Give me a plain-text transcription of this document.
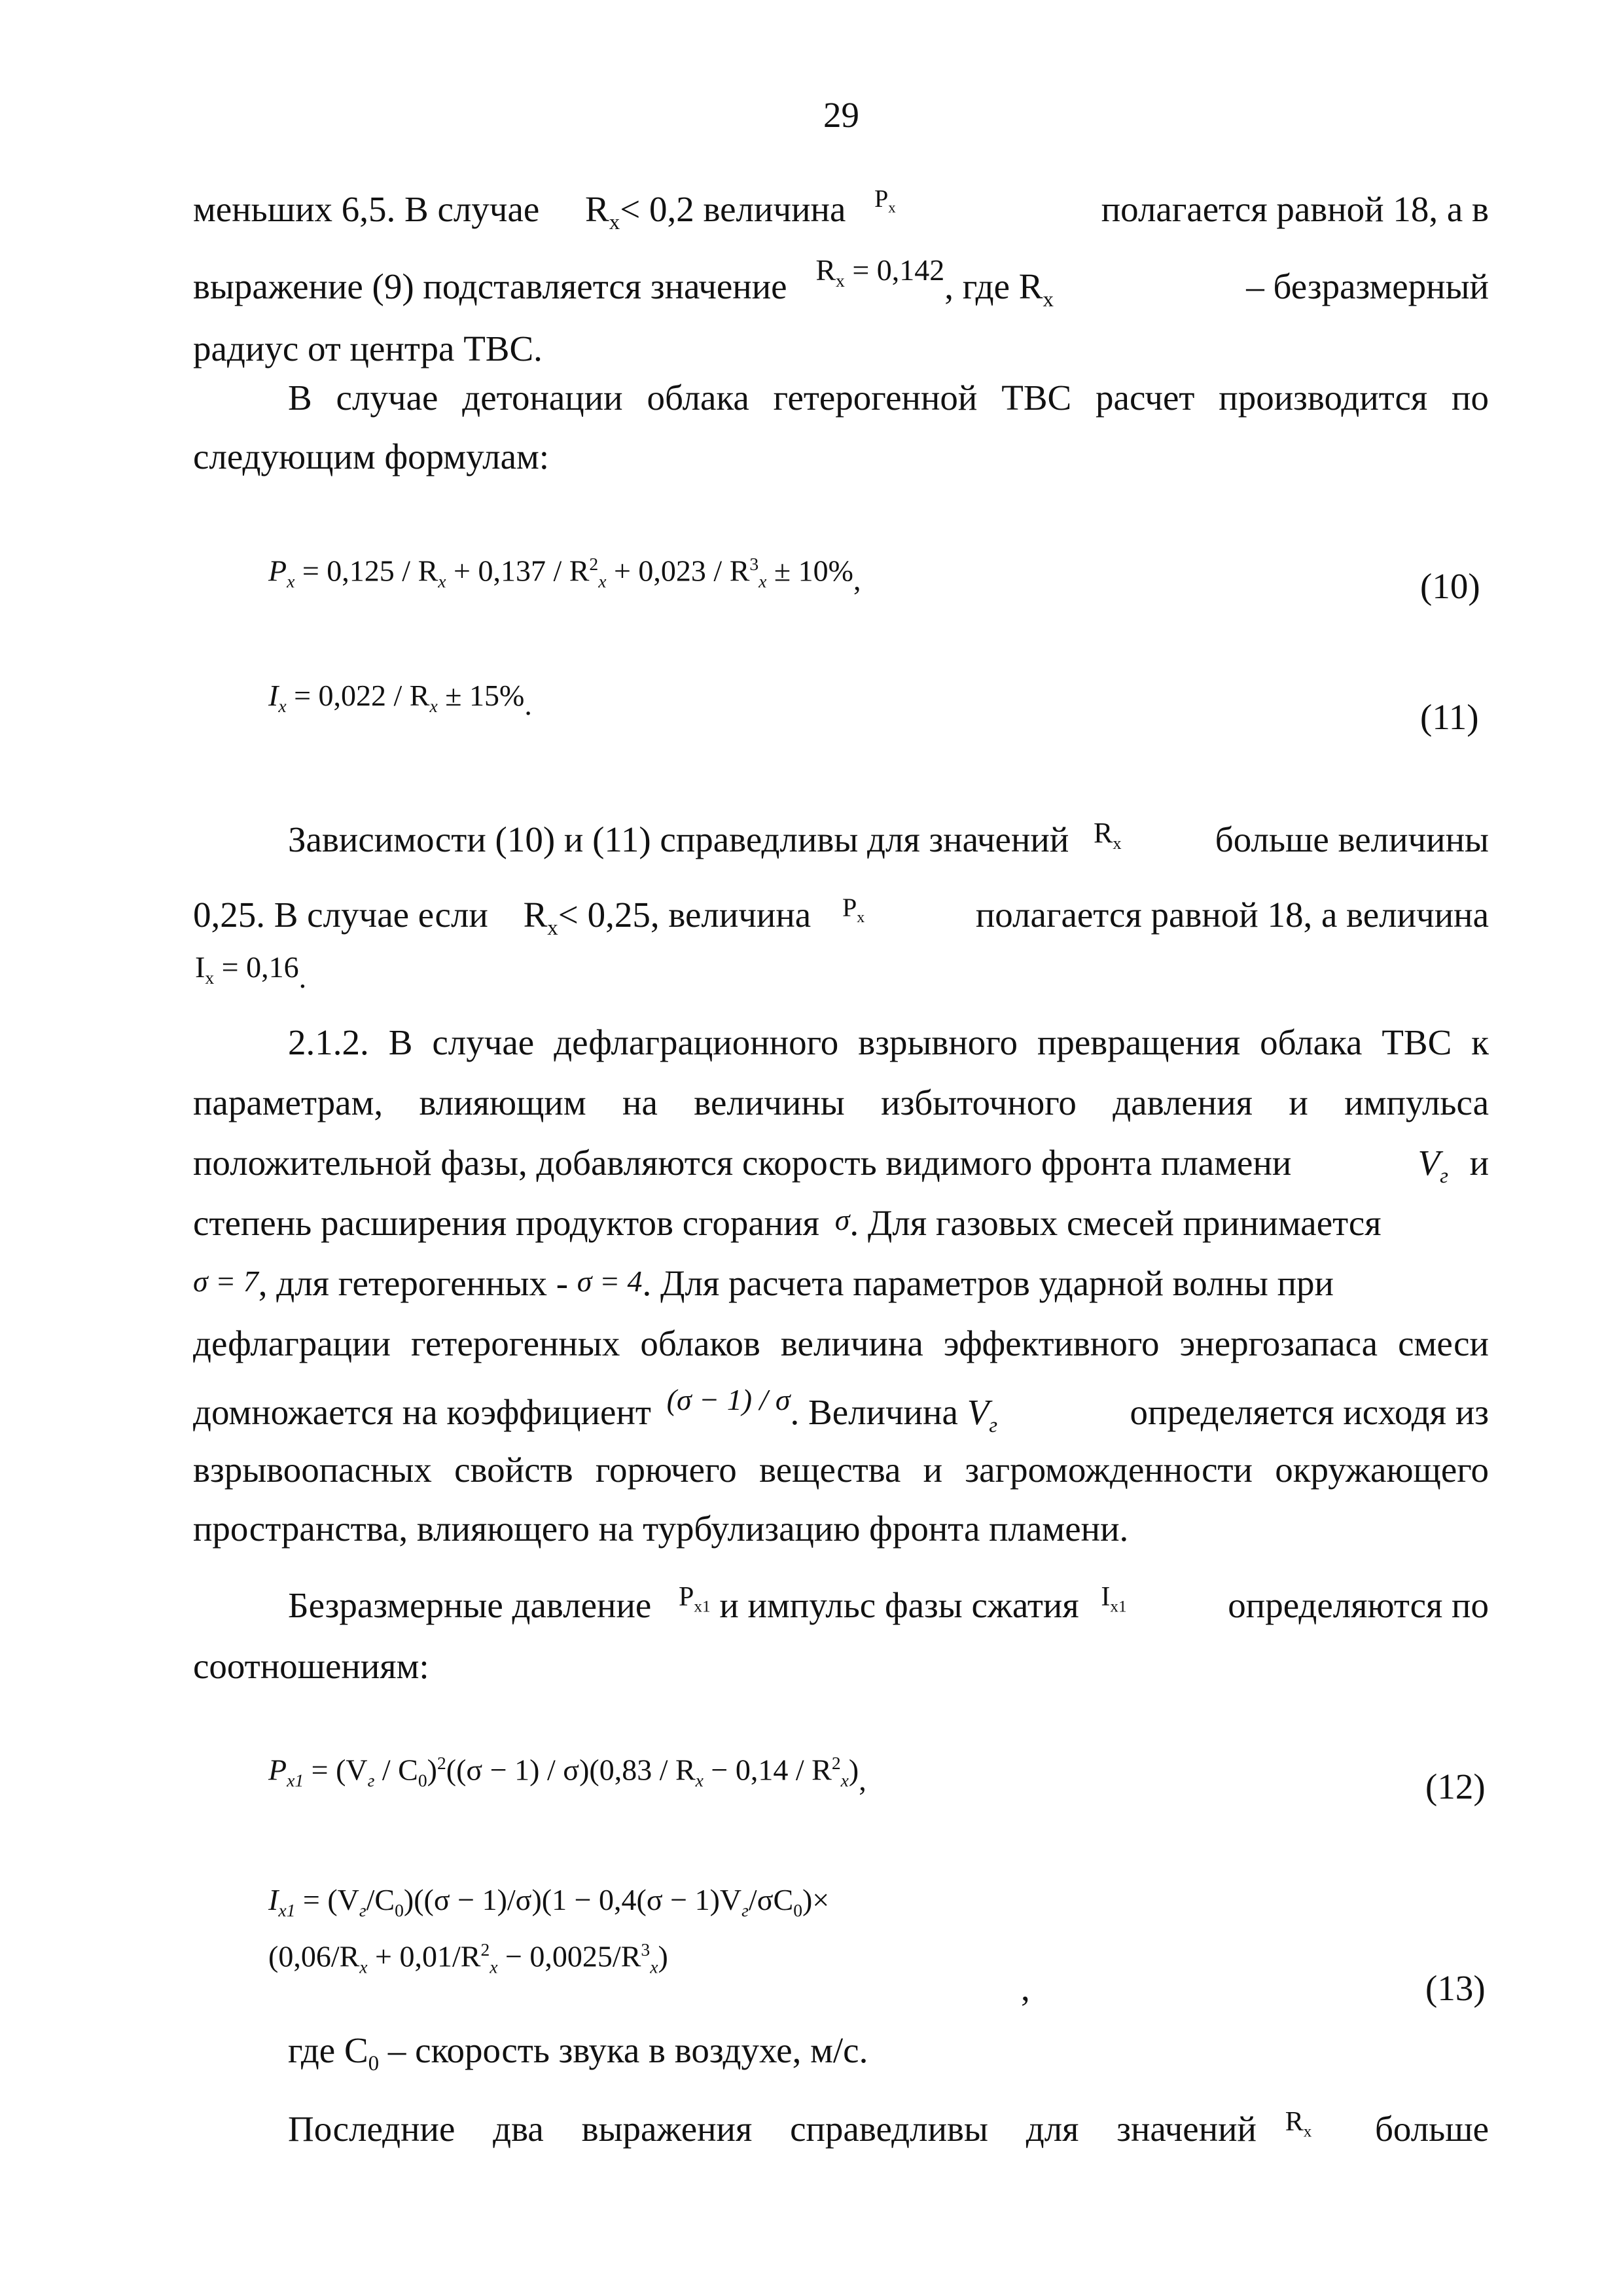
29
меньших 6,5. В случае $R_x< 0,2$ величина $^{P_x}$	полагается равной 18, а в
выражение (9) подставляется значение $^{R_x = 0,142}$, где $R_x$	– безразмерный
радиус от центра ТВС.
В случае детонации облака гетерогенной ТВС расчет производится по
следующим формулам:
$P_x = 0,125 / R_x + 0,137 / R^2_x + 0,023 / R^3_x \pm 10\%$,	(10)
$I_x = 0,022 / R_x \pm 15\%$.	(11)
Зависимости (10) и (11) справедливы для значений $^{R_x}$	больше величины
0,25. В случае если $R_x< 0,25$, величина $^{P_x}$	полагается равной 18, а величина
$I_x = 0,16$.
2.1.2. В случае дефлаграционного взрывного превращения облака ТВС к
параметрам, влияющим на величины избыточного давления и импульса
положительной фазы, добавляются скорость видимого фронта пламени	$V_г$ и
степень расширения продуктов сгорания σ. Для газовых смесей принимается
σ = 7, для гетерогенных - σ = 4. Для расчета параметров ударной волны при
дефлаграции гетерогенных облаков величина эффективного энергозапаса смеси
домножается на коэффициент $^{(\sigma - 1) / \sigma}$. Величина $V_г$	определяется исходя из
взрывоопасных свойств горючего вещества и загроможденности окружающего
пространства, влияющего на турбулизацию фронта пламени.
Безразмерные давление $^{P_{x1}}$ и импульс фазы сжатия $^{I_{x1}}$	определяются по
соотношениям:
$P_{x1} = (V_г / C_0)^2((\sigma - 1) / \sigma)(0,83 / R_x - 0,14 / R^2_x)$,	(12)
$I_{x1} = (V_г/C_0)((\sigma - 1)/\sigma)(1 - 0,4(\sigma - 1)V_г/\sigma C_0)\times$
$(0,06/R_x + 0,01/R^2_x - 0,0025/R^3_x)$
,	(13)
где $C_0$ – скорость звука в воздухе, м/с.
Последние два выражения справедливы для значений $^{R_x}$ больше
